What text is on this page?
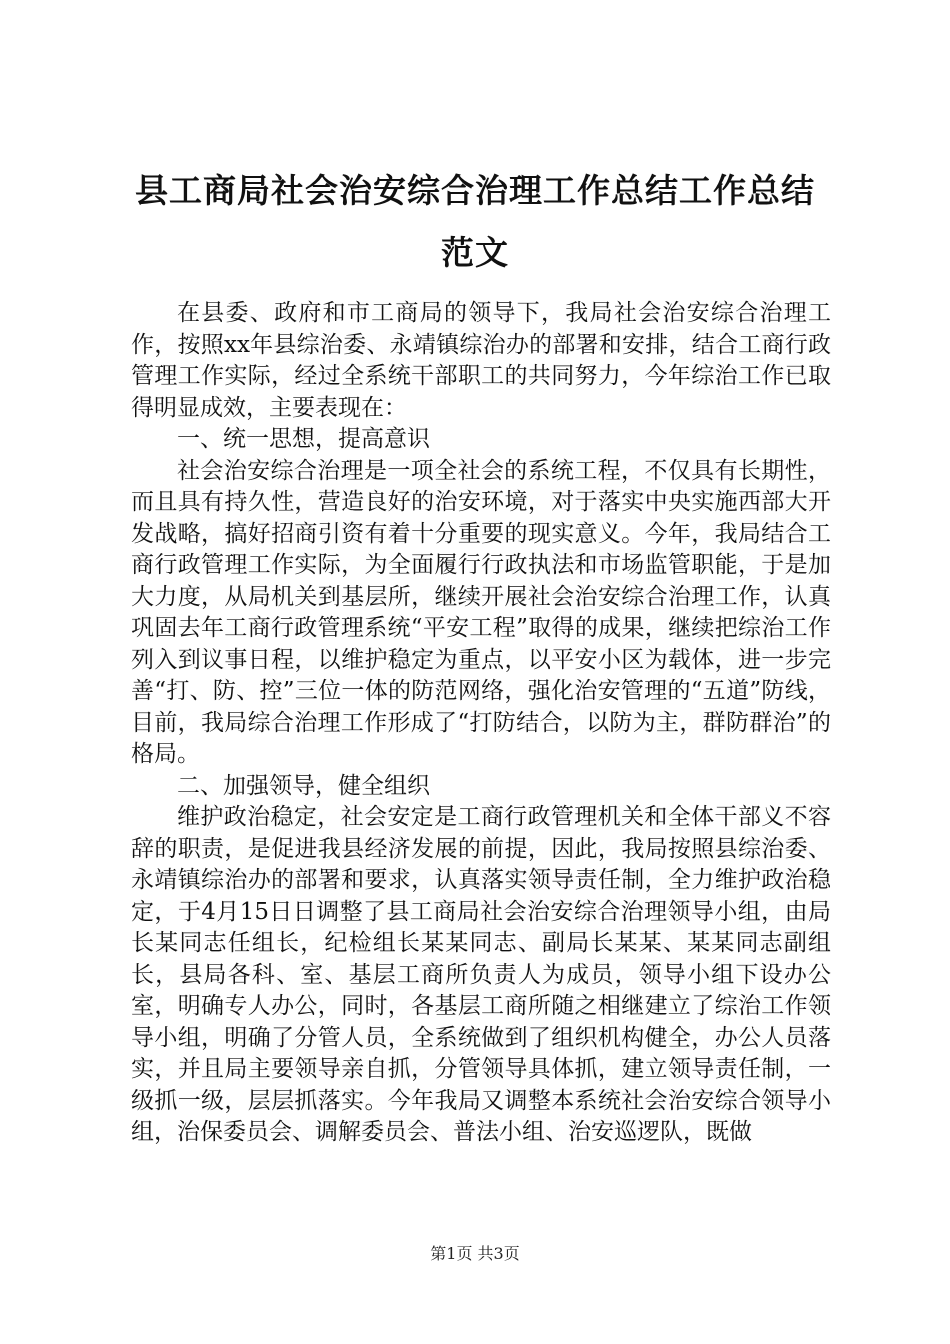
县工商局社会治安综合治理工作总结工作总结
范文

在县委、政府和市工商局的领导下，我局社会治安综合治理工作，按照xx年县综治委、永靖镇综治办的部署和安排，结合工商行政管理工作实际，经过全系统干部职工的共同努力，今年综治工作已取得明显成效，主要表现在：

一、统一思想，提高意识

社会治安综合治理是一项全社会的系统工程，不仅具有长期性，而且具有持久性，营造良好的治安环境，对于落实中央实施西部大开发战略，搞好招商引资有着十分重要的现实意义。今年，我局结合工商行政管理工作实际，为全面履行行政执法和市场监管职能，于是加大力度，从局机关到基层所，继续开展社会治安综合治理工作，认真巩固去年工商行政管理系统“平安工程”取得的成果，继续把综治工作列入到议事日程，以维护稳定为重点，以平安小区为载体，进一步完善“打、防、控”三位一体的防范网络，强化治安管理的“五道”防线，目前，我局综合治理工作形成了“打防结合，以防为主，群防群治”的格局。

二、加强领导，健全组织

维护政治稳定，社会安定是工商行政管理机关和全体干部义不容辞的职责，是促进我县经济发展的前提，因此，我局按照县综治委、永靖镇综治办的部署和要求，认真落实领导责任制，全力维护政治稳定，于4月15日日调整了县工商局社会治安综合治理领导小组，由局长某同志任组长，纪检组长某某同志、副局长某某、某某同志副组长，县局各科、室、基层工商所负责人为成员，领导小组下设办公室，明确专人办公，同时，各基层工商所随之相继建立了综治工作领导小组，明确了分管人员，全系统做到了组织机构健全，办公人员落实，并且局主要领导亲自抓，分管领导具体抓，建立领导责任制，一级抓一级，层层抓落实。今年我局又调整本系统社会治安综合领导小组，治保委员会、调解委员会、普法小组、治安巡逻队，既做

第1页 共3页
